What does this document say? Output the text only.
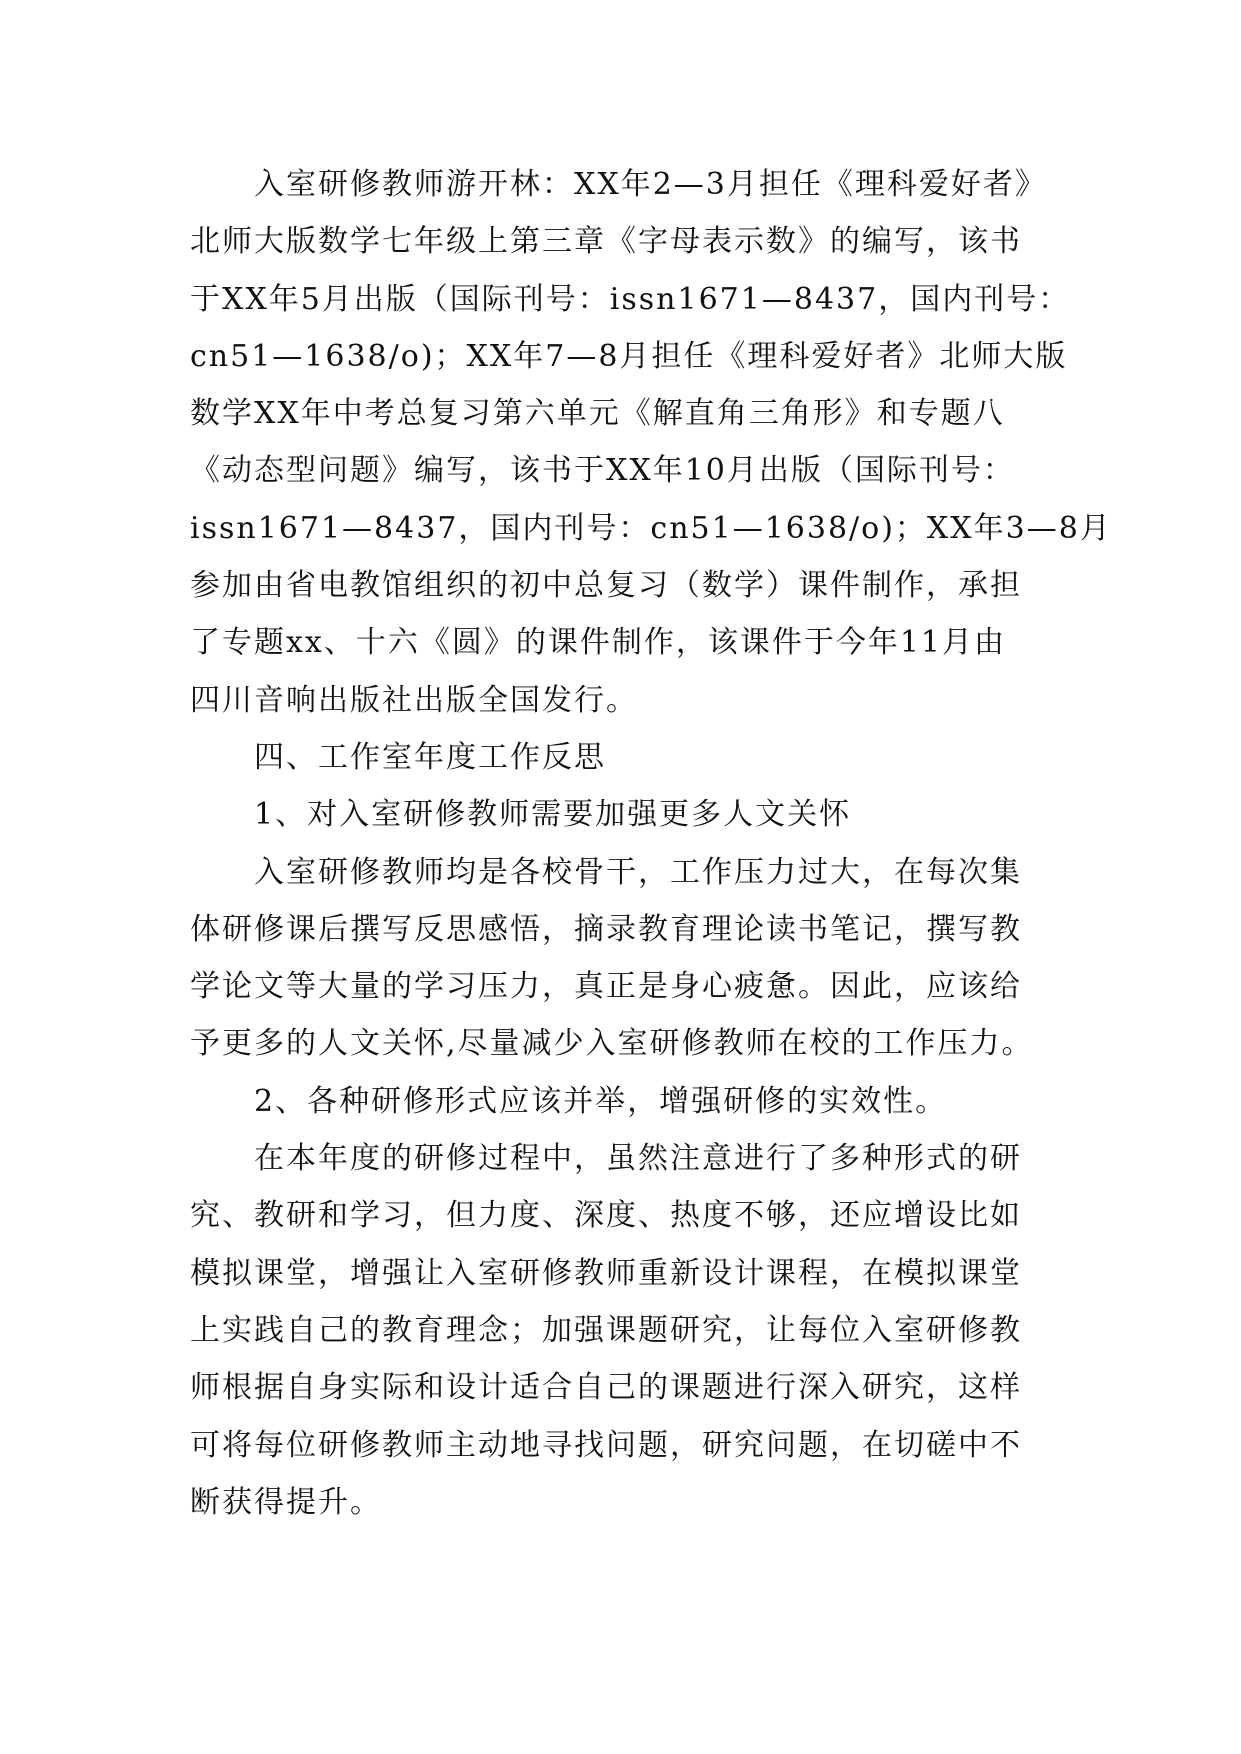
入室研修教师游开林：XX年2—3月担任《理科爱好者》
北师大版数学七年级上第三章《字母表示数》的编写，该书
于XX年5月出版（国际刊号：issn1671—8437，国内刊号：
cn51—1638/o)；XX年7—8月担任《理科爱好者》北师大版
数学XX年中考总复习第六单元《解直角三角形》和专题八
《动态型问题》编写，该书于XX年10月出版（国际刊号：
issn1671—8437，国内刊号：cn51—1638/o)；XX年3—8月
参加由省电教馆组织的初中总复习（数学）课件制作，承担
了专题xx、十六《圆》的课件制作，该课件于今年11月由
四川音响出版社出版全国发行。
四、工作室年度工作反思
1、对入室研修教师需要加强更多人文关怀
入室研修教师均是各校骨干，工作压力过大，在每次集
体研修课后撰写反思感悟，摘录教育理论读书笔记，撰写教
学论文等大量的学习压力，真正是身心疲惫。因此，应该给
予更多的人文关怀,尽量减少入室研修教师在校的工作压力。
2、各种研修形式应该并举，增强研修的实效性。
在本年度的研修过程中，虽然注意进行了多种形式的研
究、教研和学习，但力度、深度、热度不够，还应增设比如
模拟课堂，增强让入室研修教师重新设计课程，在模拟课堂
上实践自己的教育理念；加强课题研究，让每位入室研修教
师根据自身实际和设计适合自己的课题进行深入研究，这样
可将每位研修教师主动地寻找问题，研究问题，在切磋中不
断获得提升。
